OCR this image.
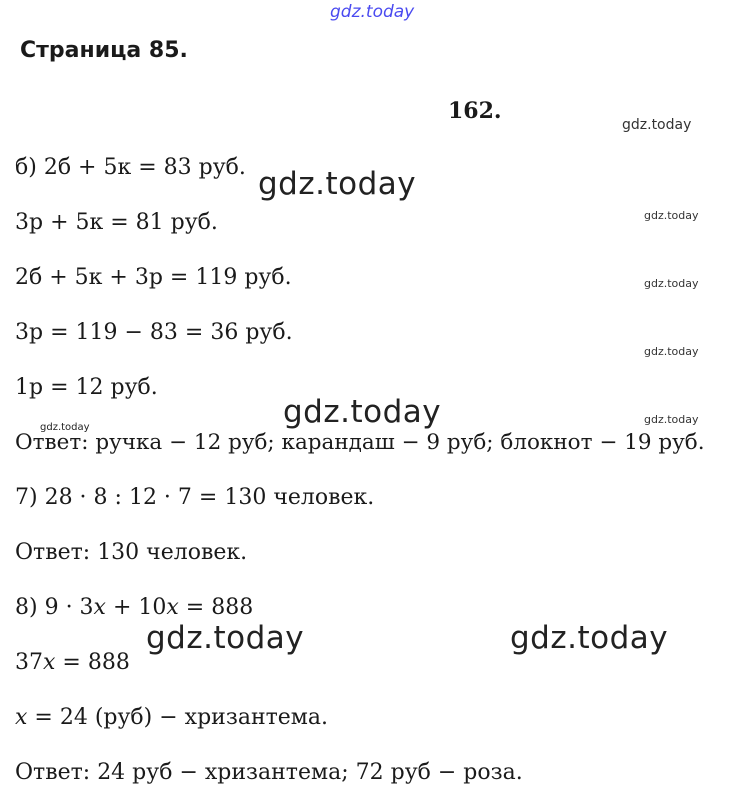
gdz.today
Страница 85.
162.
gdz.today
б) 2б + 5к = 83 руб. gdz.today
3р + 5к = 81 руб.	gdz.today
2б + 5к + 3р = 119 руб.	gdz.today
3р = 119 − 83 = 36 руб.
gdz.today
1р = 12 руб.
gdz.today	gdz.today
gdz.today
Ответ: ручка − 12 руб; карандаш − 9 руб; блокнот − 19 руб.
7) 28 · 8 : 12 · 7 = 130 человек.
Ответ: 130 человек.
8) 9 · 3𝑥 + 10𝑥 = 888
gdz.today	gdz.today
37𝑥 = 888
𝑥 = 24 (руб) − хризантема.
Ответ: 24 руб − хризантема; 72 руб − роза.
